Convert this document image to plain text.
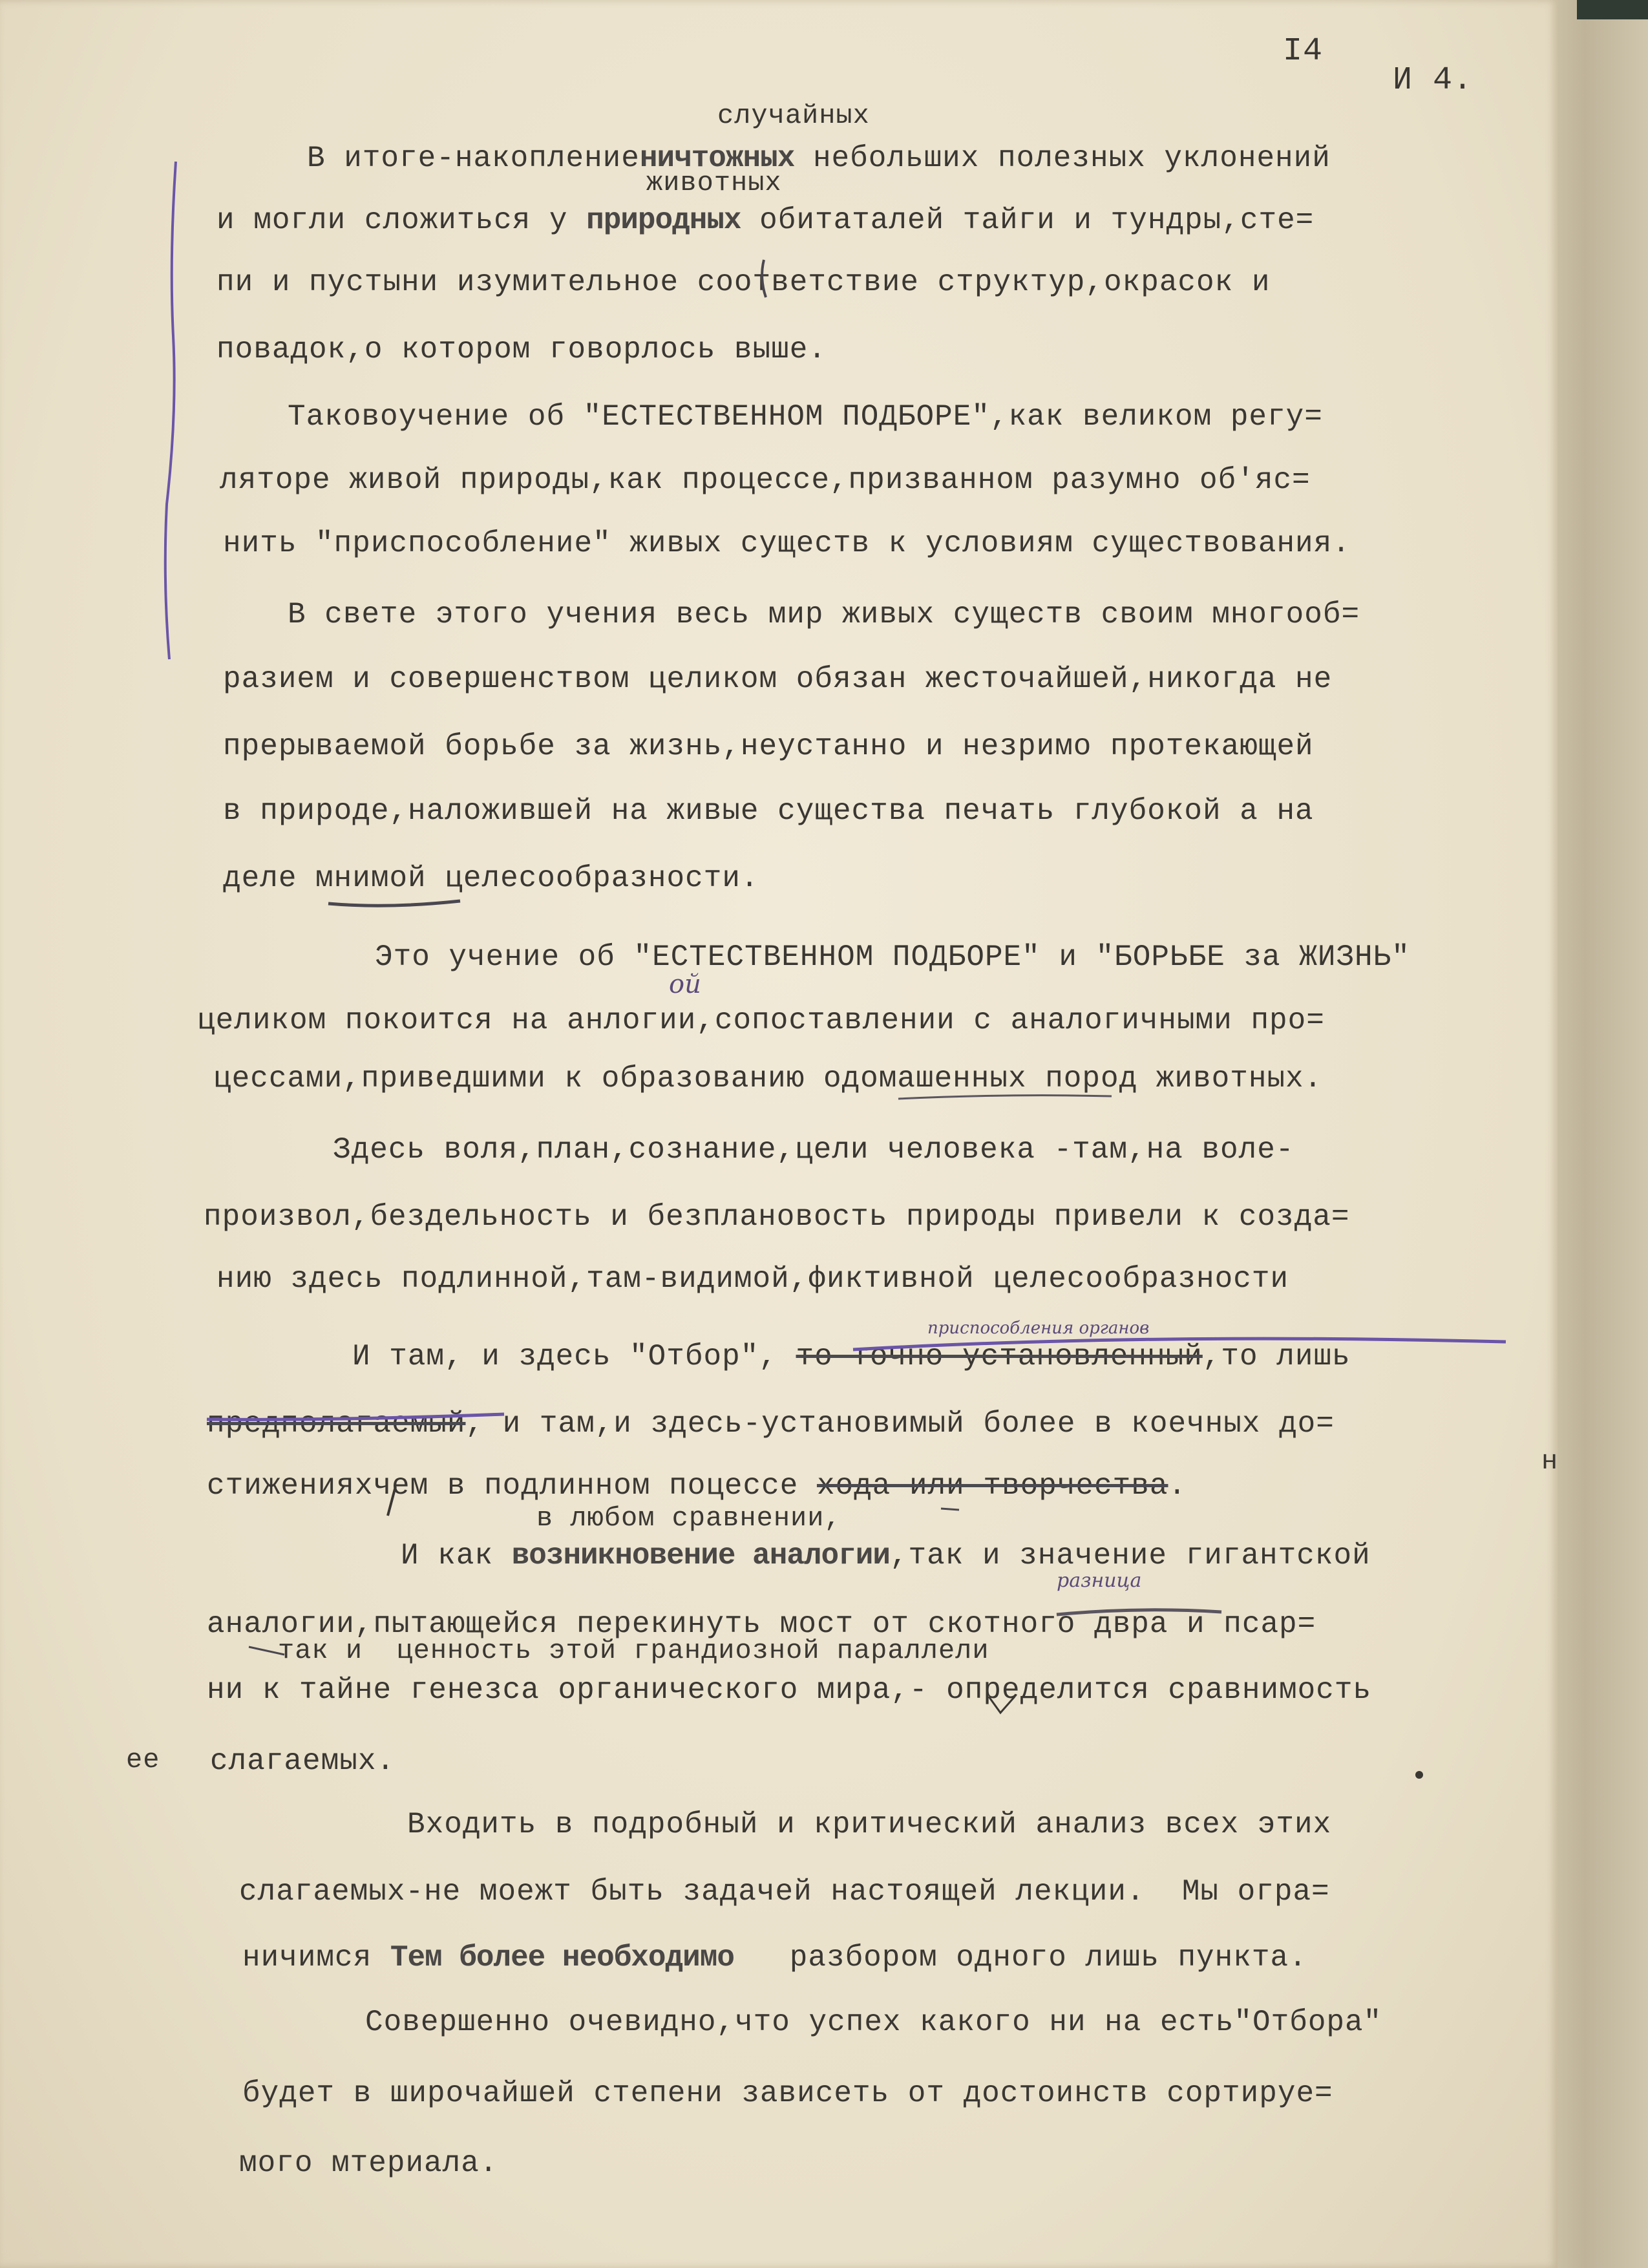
I4
И 4.
случайных
животных
в любом сравнении,
так и  ценность этой грандиозной параллели
ее
н
В итоге-накоплениеничтожных небольших полезных уклонений
и могли сложиться у природных обитаталей тайги и тундры,сте=
пи и пустыни изумительное соответствие структур,окрасок и
повадок,о котором говорлось выше.
Таковоучение об "ЕСТЕСТВЕННОМ ПОДБОРЕ",как великом регу=
ляторе живой природы,как процессе,призванном разумно об'яс=
нить "приспособление" живых существ к условиям существования.
В свете этого учения весь мир живых существ своим многооб=
разием и совершенством целиком обязан жесточайшей,никогда не
прерываемой борьбе за жизнь,неустанно и незримо протекающей
в природе,наложившей на живые существа печать глубокой а на
деле мнимой целесообразности.
Это учение об "ЕСТЕСТВЕННОМ ПОДБОРЕ" и "БОРЬБЕ за ЖИЗНЬ"
целиком покоится на анлогии,сопоставлении с аналогичными про=
цессами,приведшими к образованию одомашенных пород животных.
Здесь воля,план,сознание,цели человека -там,на воле-
произвол,бездельность и безплановость природы привели к созда=
нию здесь подлинной,там-видимой,фиктивной целесообразности
И там, и здесь "Отбор", то точно установленный,то лишь
предполагаемый, и там,и здесь-установимый более в коечных до=
стиженияхчем в подлинном поцессе хода или творчества.
И как возникновение аналогии,так и значение гигантской
аналогии,пытающейся перекинуть мост от скотного двра и псар=
ни к тайне генезса органического мира,- определится сравнимость
слагаемых.
Входить в подробный и критический анализ всех этих
слагаемых-не моежт быть задачей настоящей лекции.  Мы огра=
ничимся Тем более необходимо   разбором одного лишь пункта.
Совершенно очевидно,что успех какого ни на есть"Отбора"
будет в широчайшей степени зависеть от достоинств сортируе=
мого мтериала.
ой
приспособления органов
разница
